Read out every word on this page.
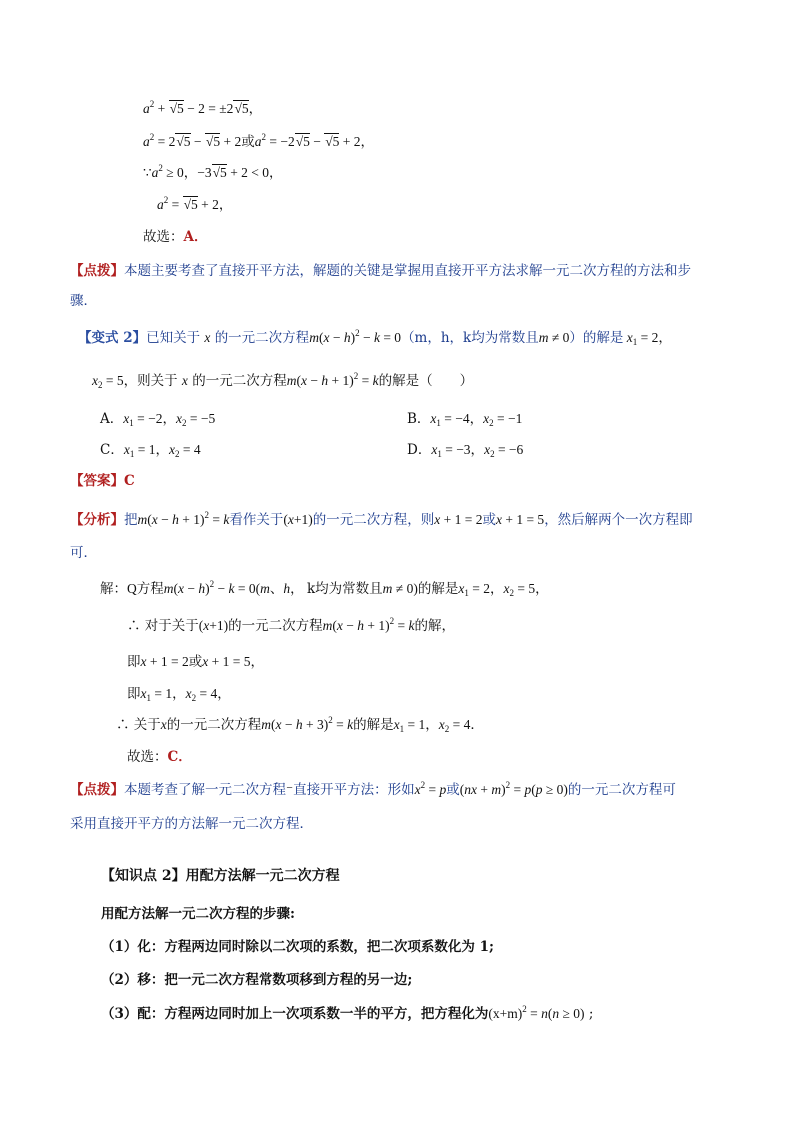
$a^2 + √5 - 2 = \pm 2√5$，
$a^2 = 2√5 - √5 + 2$或$a^2 = -2√5 - √5 + 2$，
$\because a^2 \ge 0$，−3√5 + 2 < 0，
$a^2 = √5 + 2$，
故选：A．
【点拨】本题主要考查了直接开平方法，解题的关键是掌握用直接开平方法求解一元二次方程的方法和步骤．
【变式 2】已知关于 x 的一元二次方程$m(x - h)^2 - k = 0(m$，h，k均为常数且m ≠ 0）的解是 $x_1 = 2$，
$x_2 = 5$，则关于 x 的一元二次方程$m(x - h + 1)^2 = k$的解是（　　）
A．$x_1 = -2$，$x_2 = -5$	B．$x_1 = -4$，$x_2 = -1$
C．$x_1 = 1$，$x_2 = 4$	D．$x_1 = -3$，$x_2 = -6$
【答案】C
【分析】把$m(x - h + 1)^2 = k$看作关于(x+1)的一元二次方程，则x + 1 = 2或x + 1 = 5，然后解两个一次方程即
可．
解：Q方程$m(x - h)^2 - k = 0(m$、h， k均为常数且m ≠ 0)的解是$x_1 = 2$，$x_2 = 5$，
∴ 对于关于(x+1)的一元二次方程$m(x - h + 1)^2 = k$的解，
即x + 1 = 2或x + 1 = 5，
即$x_1 = 1$，$x_2 = 4$，
∴ 关于x的一元二次方程$m(x - h + 3)^2 = k$的解是$x_1 = 1$，$x_2 = 4$．
故选：C．
【点拨】本题考查了解一元二次方程⁻直接开平方法：形如$x^2 = p$或(nx + m)$^2$ = p(p ≥ 0)的一元二次方程可
采用直接开平方的方法解一元二次方程．
【知识点 2】用配方法解一元二次方程
用配方法解一元二次方程的步骤:
（1）化：方程两边同时除以二次项的系数，把二次项系数化为 1;
（2）移：把一元二次方程常数项移到方程的另一边;
（3）配：方程两边同时加上一次项系数一半的平方，把方程化为$(x+m)^2 = n(n \ge 0)$ ;
